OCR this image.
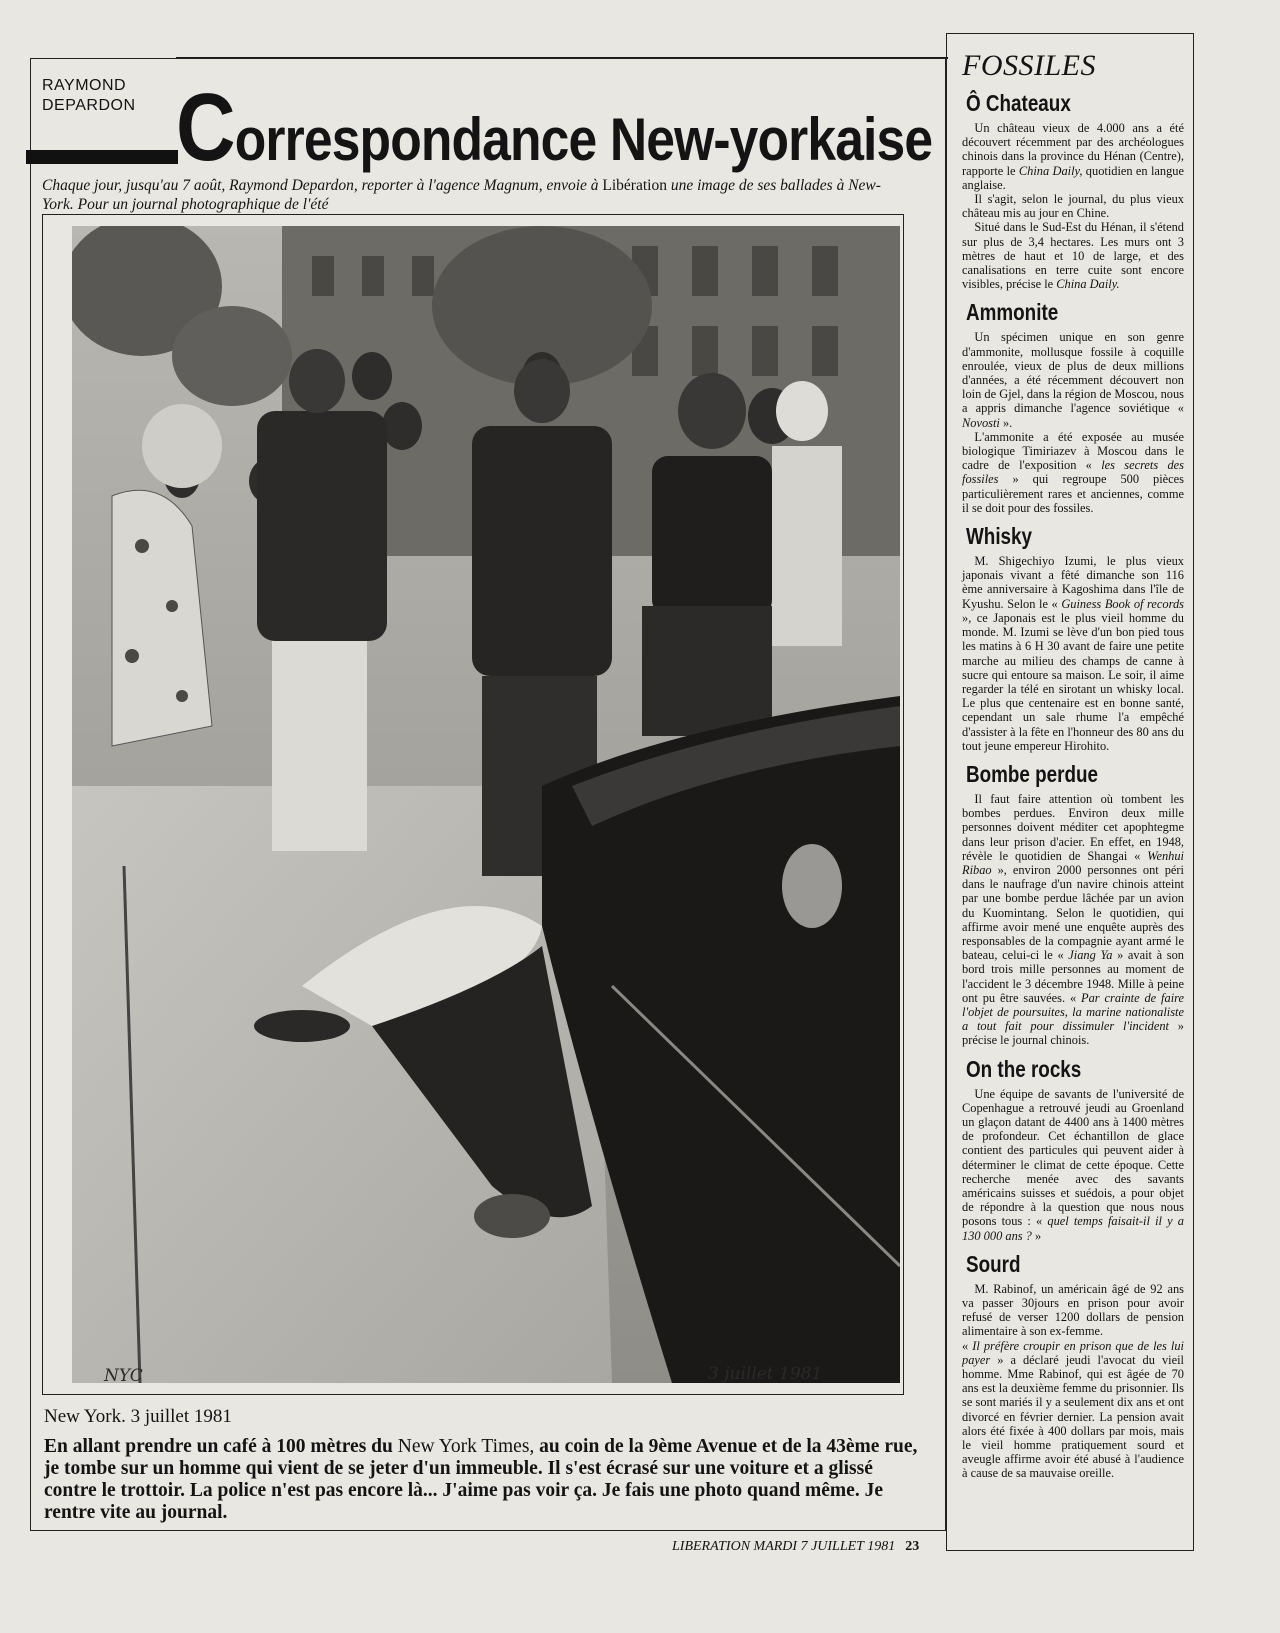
RAYMOND
DEPARDON Correspondance New-yorkaise
Chaque jour, jusqu'au 7 août, Raymond Depardon, reporter à l'agence Magnum, envoie à Libération une image de ses ballades à New-York. Pour un journal photographique de l'été
NYC	3 juillet 1981
New York. 3 juillet 1981
En allant prendre un café à 100 mètres du New York Times, au coin de la 9ème Avenue et de la 43ème rue, je tombe sur un homme qui vient de se jeter d'un immeuble. Il s'est écrasé sur une voiture et a glissé contre le trottoir. La police n'est pas encore là... J'aime pas voir ça. Je fais une photo quand même. Je rentre vite au journal.
LIBERATION MARDI 7 JUILLET 1981 23
FOSSILES
Ô Chateaux

 Un château vieux de 4.000 ans a été découvert récemment par des archéologues chinois dans la province du Hénan (Centre), rapporte le China Daily, quotidien en langue anglaise.

 Il s'agit, selon le journal, du plus vieux château mis au jour en Chine.

 Situé dans le Sud-Est du Hénan, il s'étend sur plus de 3,4 hectares. Les murs ont 3 mètres de haut et 10 de large, et des canalisations en terre cuite sont encore visibles, précise le China Daily.

Ammonite

 Un spécimen unique en son genre d'ammonite, mollusque fossile à coquille enroulée, vieux de plus de deux millions d'années, a été récemment découvert non loin de Gjel, dans la région de Moscou, nous a appris dimanche l'agence soviétique « Novosti ».

 L'ammonite a été exposée au musée biologique Timiriazev à Moscou dans le cadre de l'exposition « les secrets des fossiles » qui regroupe 500 pièces particulièrement rares et anciennes, comme il se doit pour des fossiles.

Whisky

 M. Shigechiyo Izumi, le plus vieux japonais vivant a fêté dimanche son 116 ème anniversaire à Kagoshima dans l'île de Kyushu. Selon le « Guiness Book of records », ce Japonais est le plus vieil homme du monde. M. Izumi se lève d'un bon pied tous les matins à 6 H 30 avant de faire une petite marche au milieu des champs de canne à sucre qui entoure sa maison. Le soir, il aime regarder la télé en sirotant un whisky local. Le plus que centenaire est en bonne santé, cependant un sale rhume l'a empêché d'assister à la fête en l'honneur des 80 ans du tout jeune empereur Hirohito.

Bombe perdue

 Il faut faire attention où tombent les bombes perdues. Environ deux mille personnes doivent méditer cet apophtegme dans leur prison d'acier. En effet, en 1948, révèle le quotidien de Shangai « Wenhui Ribao », environ 2000 personnes ont péri dans le naufrage d'un navire chinois atteint par une bombe perdue lâchée par un avion du Kuomintang. Selon le quotidien, qui affirme avoir mené une enquête auprès des responsables de la compagnie ayant armé le bateau, celui-ci le « Jiang Ya » avait à son bord trois mille personnes au moment de l'accident le 3 décembre 1948. Mille à peine ont pu être sauvées. « Par crainte de faire l'objet de poursuites, la marine nationaliste a tout fait pour dissimuler l'incident » précise le journal chinois.

On the rocks

 Une équipe de savants de l'université de Copenhague a retrouvé jeudi au Groenland un glaçon datant de 4400 ans à 1400 mètres de profondeur. Cet échantillon de glace contient des particules qui peuvent aider à déterminer le climat de cette époque. Cette recherche menée avec des savants américains suisses et suédois, a pour objet de répondre à la question que nous nous posons tous : « quel temps faisait-il il y a 130 000 ans ? »

Sourd

 M. Rabinof, un américain âgé de 92 ans va passer 30jours en prison pour avoir refusé de verser 1200 dollars de pension alimentaire à son ex-femme.

« Il préfère croupir en prison que de les lui payer » a déclaré jeudi l'avocat du vieil homme. Mme Rabinof, qui est âgée de 70 ans est la deuxième femme du prisonnier. Ils se sont mariés il y a seulement dix ans et ont divorcé en février dernier. La pension avait alors été fixée à 400 dollars par mois, mais le vieil homme pratiquement sourd et aveugle affirme avoir été abusé à l'audience à cause de sa mauvaise oreille.
